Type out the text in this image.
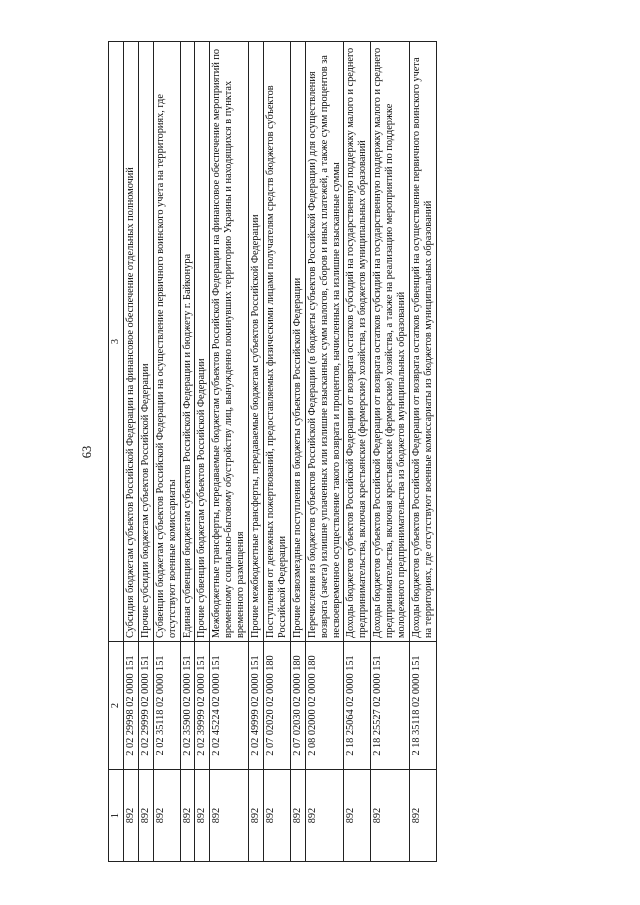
63
1	2	3
892	2 02 29998 02 0000 151	Субсидия бюджетам субъектов Российской Федерации на финансовое обеспечение отдельных полномочий
892	2 02 29999 02 0000 151	Прочие субсидии бюджетам субъектов Российской Федерации
892	2 02 35118 02 0000 151	Субвенции бюджетам субъектов Российской Федерации на осуществление первичного воинского учета на территориях, где отсутствуют военные комиссариаты
892	2 02 35900 02 0000 151	Единая субвенция бюджетам субъектов Российской Федерации и бюджету г. Байконура
892	2 02 39999 02 0000 151	Прочие субвенции бюджетам субъектов Российской Федерации
892	2 02 45224 02 0000 151	Межбюджетные трансферты, передаваемые бюджетам субъектов Российской Федерации на финансовое обеспечение мероприятий по временному социально-бытовому обустройству лиц, вынужденно покинувших территорию Украины и находящихся в пунктах временного размещения
892	2 02 49999 02 0000 151	Прочие межбюджетные трансферты, передаваемые бюджетам субъектов Российской Федерации
892	2 07 02020 02 0000 180	Поступления от денежных пожертвований, предоставляемых физическими лицами получателям средств бюджетов субъектов Российской Федерации
892	2 07 02030 02 0000 180	Прочие безвозмездные поступления в бюджеты субъектов Российской Федерации
892	2 08 02000 02 0000 180	Перечисления из бюджетов субъектов Российской Федерации (в бюджеты субъектов Российской Федерации) для осуществления возврата (зачета) излишне уплаченных или излишне взысканных сумм налогов, сборов и иных платежей, а также сумм процентов за несвоевременное осуществление такого возврата и процентов, начисленных на излишне взысканные суммы
892	2 18 25064 02 0000 151	Доходы бюджетов субъектов Российской Федерации от возврата остатков субсидий на государственную поддержку малого и среднего предпринимательства, включая крестьянские (фермерские) хозяйства, из бюджетов муниципальных образований
892	2 18 25527 02 0000 151	Доходы бюджетов субъектов Российской Федерации от возврата остатков субсидий на государственную поддержку малого и среднего предпринимательства, включая крестьянские (фермерские) хозяйства, а также на реализацию мероприятий по поддержке молодежного предпринимательства из бюджетов муниципальных образований
892	2 18 35118 02 0000 151	Доходы бюджетов субъектов Российской Федерации от возврата остатков субвенций на осуществление первичного воинского учета на территориях, где отсутствуют военные комиссариаты из бюджетов муниципальных образований
